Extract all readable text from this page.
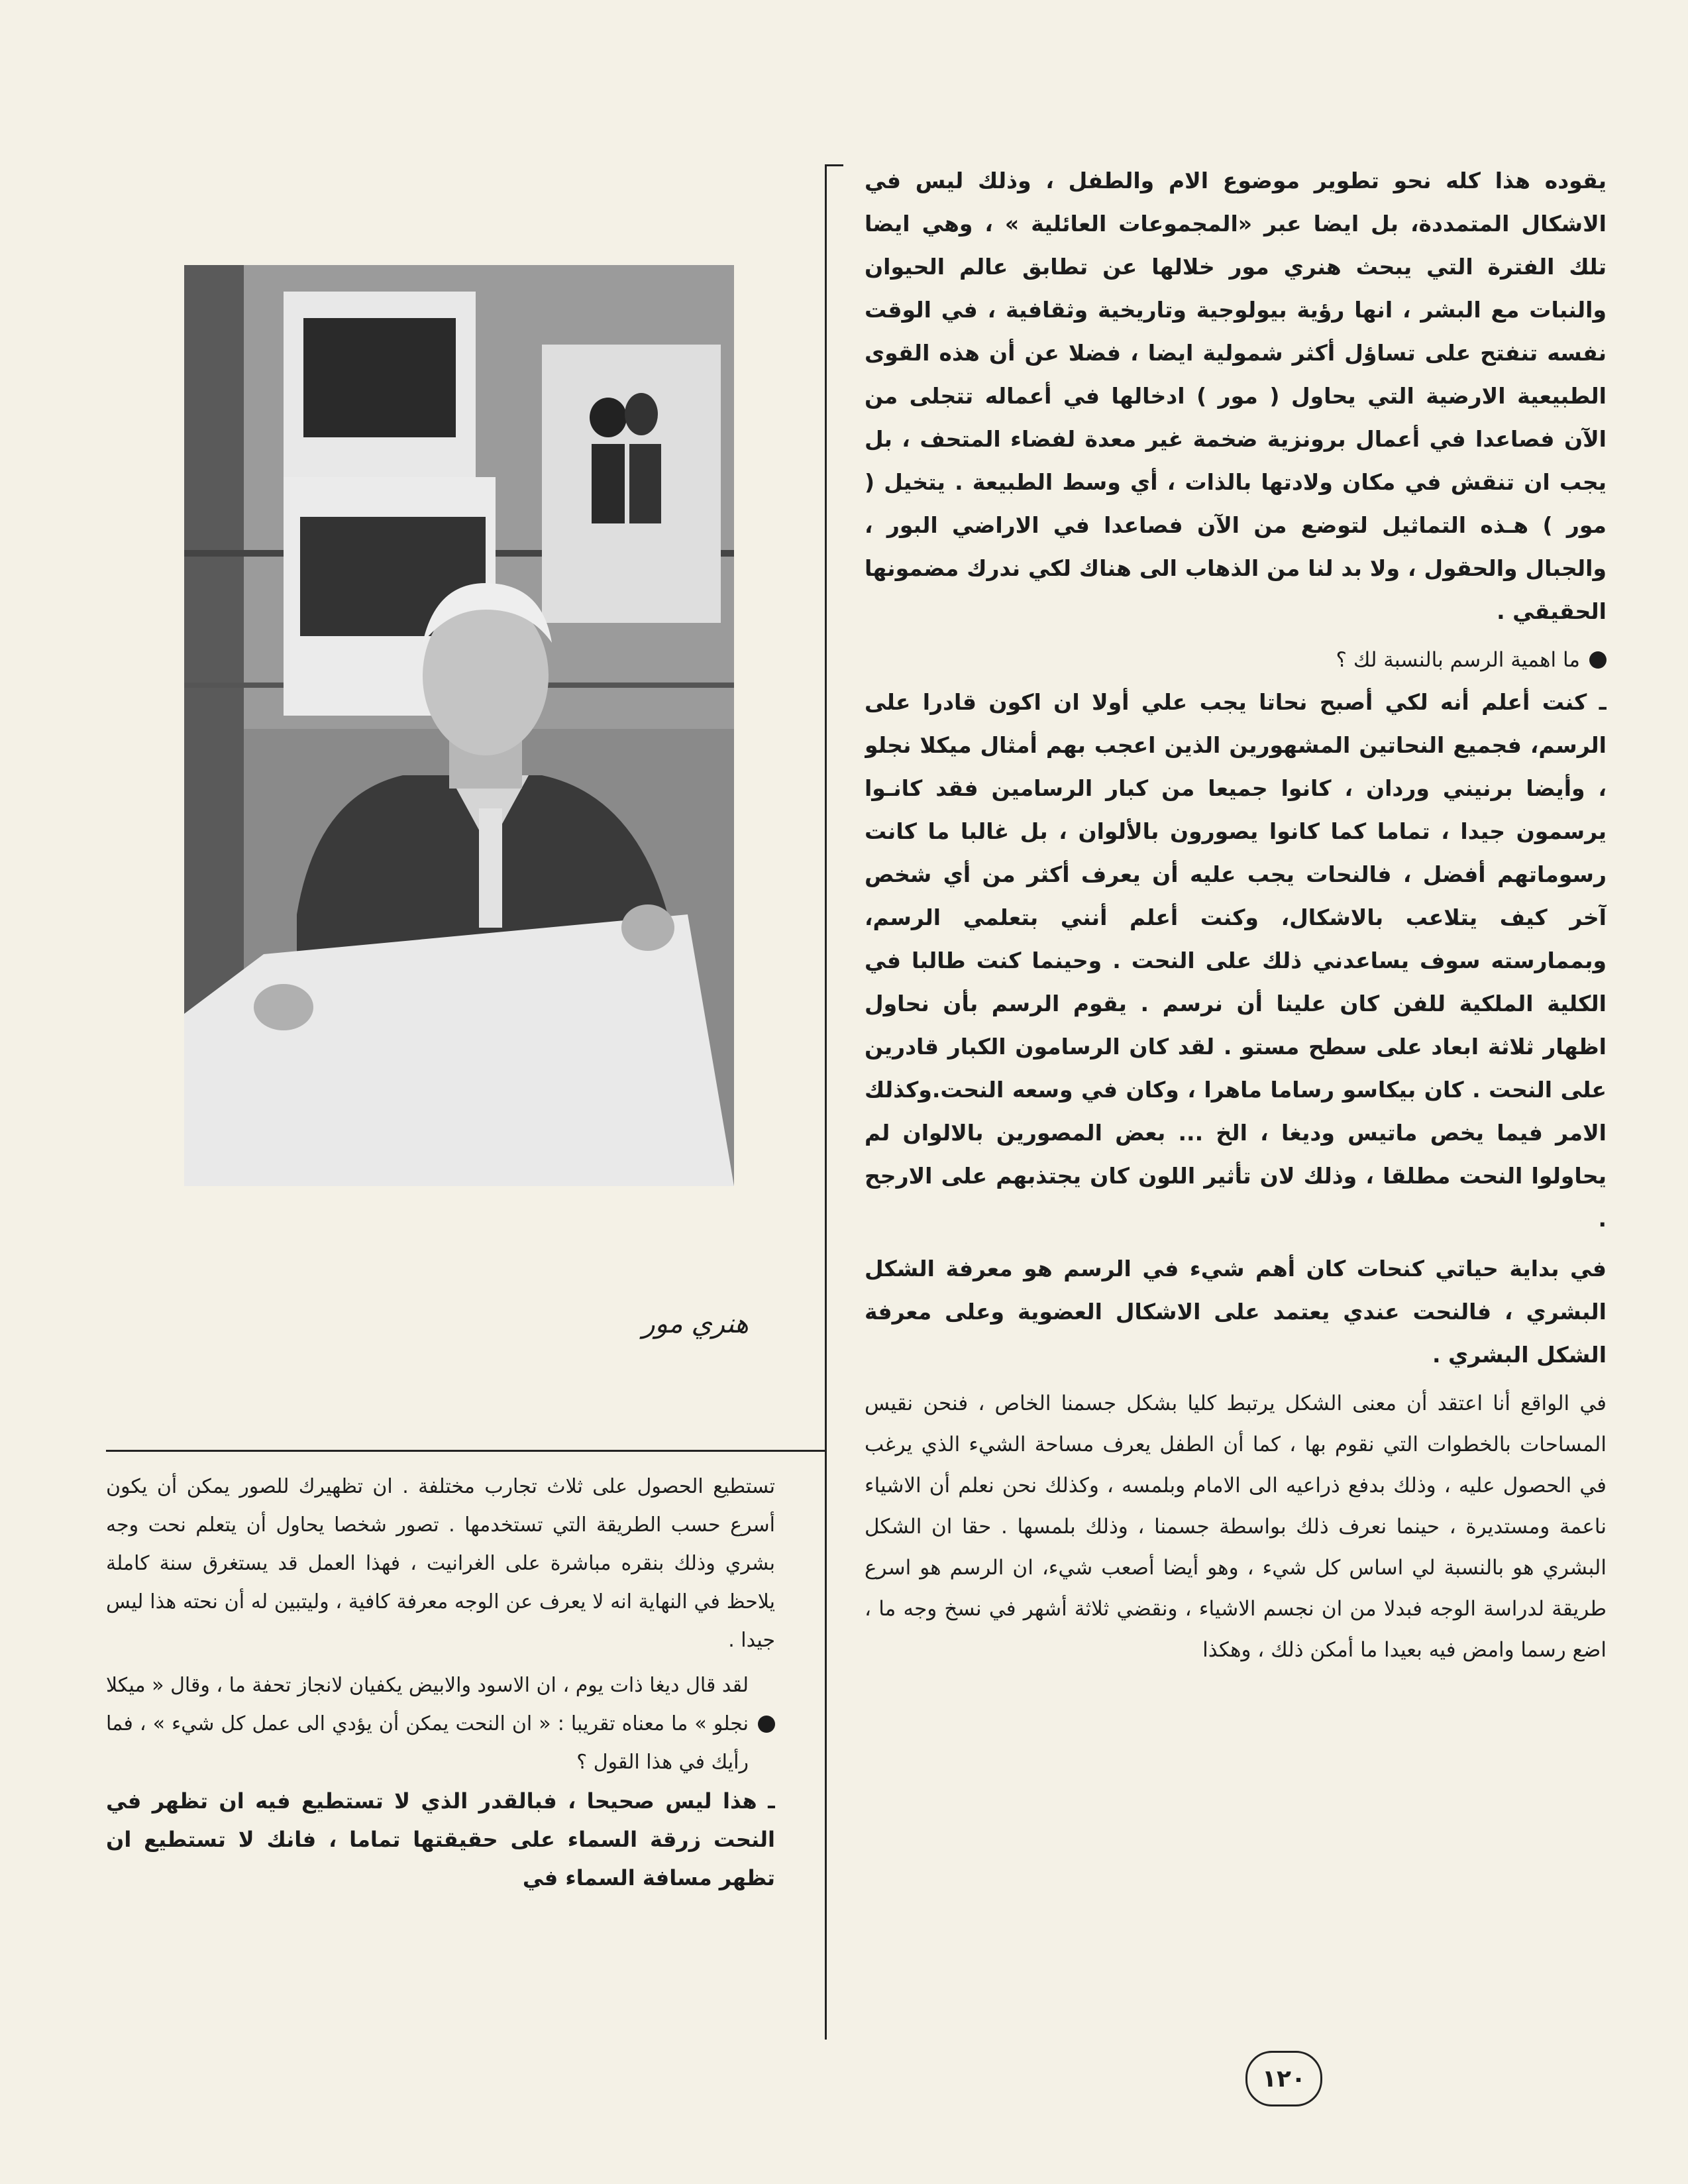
يقوده هذا كله نحو تطوير موضوع الام والطفل ، وذلك ليس في الاشكال المتمددة، بل ايضا عبر «المجموعات العائلية » ، وهي ايضا تلك الفترة التي يبحث هنري مور خلالها عن تطابق عالم الحيوان والنبات مع البشر ، انها رؤية بيولوجية وتاريخية وثقافية ، في الوقت نفسه تنفتح على تساؤل أكثر شمولية ايضا ، فضلا عن أن هذه القوى الطبيعية الارضية التي يحاول ( مور ) ادخالها في أعماله تتجلى من الآن فصاعدا في أعمال برونزية ضخمة غير معدة لفضاء المتحف ، بل يجب ان تنقش في مكان ولادتها بالذات ، أي وسط الطبيعة . يتخيل ( مور ) هـذه التماثيل لتوضع من الآن فصاعدا في الاراضي البور ، والجبال والحقول ، ولا بد لنا من الذهاب الى هناك لكي ندرك مضمونها الحقيقي .

ما اهمية الرسم بالنسبة لك ؟

ـ كنت أعلم أنه لكي أصبح نحاتا يجب علي أولا ان اكون قادرا على الرسم، فجميع النحاتين المشهورين الذين اعجب بهم أمثال ميكلا نجلو ، وأيضا برنيني وردان ، كانوا جميعا من كبار الرسامين فقد كانـوا يرسمون جيدا ، تماما كما كانوا يصورون بالألوان ، بل غالبا ما كانت رسوماتهم أفضل ، فالنحات يجب عليه أن يعرف أكثر من أي شخص آخر كيف يتلاعب بالاشكال، وكنت أعلم أنني بتعلمي الرسم، وبممارسته سوف يساعدني ذلك على النحت . وحينما كنت طالبا في الكلية الملكية للفن كان علينا أن نرسم . يقوم الرسم بأن نحاول اظهار ثلاثة ابعاد على سطح مستو . لقد كان الرسامون الكبار قادرين على النحت . كان بيكاسو رساما ماهرا ، وكان في وسعه النحت.وكذلك الامر فيما يخص ماتيس وديغا ، الخ ... بعض المصورين بالالوان لم يحاولوا النحت مطلقا ، وذلك لان تأثير اللون كان يجتذبهم على الارجح .

في بداية حياتي كنحات كان أهم شيء في الرسم هو معرفة الشكل البشري ، فالنحت عندي يعتمد على الاشكال العضوية وعلى معرفة الشكل البشري .

في الواقع أنا اعتقد أن معنى الشكل يرتبط كليا بشكل جسمنا الخاص ، فنحن نقيس المساحات بالخطوات التي نقوم بها ، كما أن الطفل يعرف مساحة الشيء الذي يرغب في الحصول عليه ، وذلك بدفع ذراعيه الى الامام وبلمسه ، وكذلك نحن نعلم أن الاشياء ناعمة ومستديرة ، حينما نعرف ذلك بواسطة جسمنا ، وذلك بلمسها . حقا ان الشكل البشري هو بالنسبة لي اساس كل شيء ، وهو أيضا أصعب شيء، ان الرسم هو اسرع طريقة لدراسة الوجه فبدلا من ان نجسم الاشياء ، ونقضي ثلاثة أشهر في نسخ وجه ما ، اضع رسما وامض فيه بعيدا ما أمكن ذلك ، وهكذا

هنري مور

تستطيع الحصول على ثلاث تجارب مختلفة . ان تظهيرك للصور يمكن أن يكون أسرع حسب الطريقة التي تستخدمها . تصور شخصا يحاول أن يتعلم نحت وجه بشري وذلك بنقره مباشرة على الغرانيت ، فهذا العمل قد يستغرق سنة كاملة يلاحظ في النهاية انه لا يعرف عن الوجه معرفة كافية ، وليتبين له أن نحته هذا ليس جيدا .

لقد قال ديغا ذات يوم ، ان الاسود والابيض يكفيان لانجاز تحفة ما ، وقال « ميكلا نجلو » ما معناه تقريبا : « ان النحت يمكن أن يؤدي الى عمل كل شيء » ، فما رأيك في هذا القول ؟

ـ هذا ليس صحيحا ، فبالقدر الذي لا تستطيع فيه ان تظهر في النحت زرقة السماء على حقيقتها تماما ، فانك لا تستطيع ان تظهر مسافة السماء في

١٢٠
